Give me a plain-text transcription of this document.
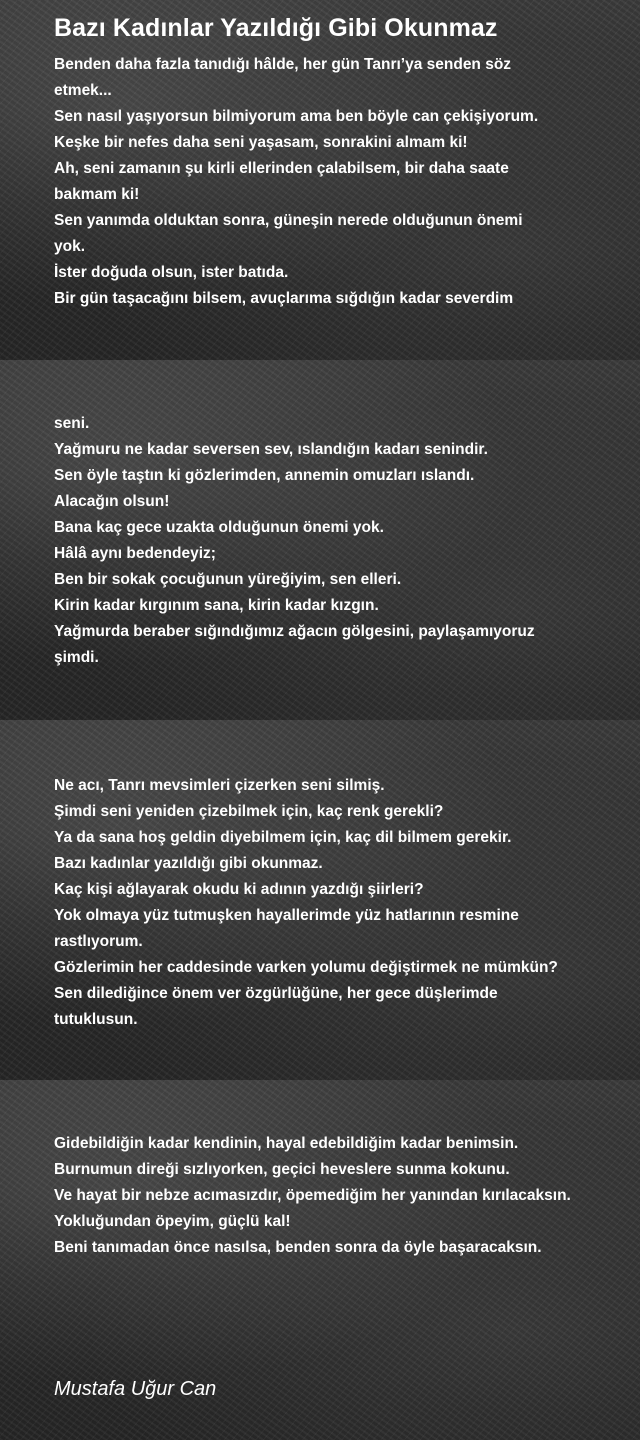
Bazı Kadınlar Yazıldığı Gibi Okunmaz
Benden daha fazla tanıdığı hâlde, her gün Tanrı’ya senden söz
etmek...
Sen nasıl yaşıyorsun bilmiyorum ama ben böyle can çekişiyorum.
Keşke bir nefes daha seni yaşasam, sonrakini almam ki!
Ah, seni zamanın şu kirli ellerinden çalabilsem, bir daha saate
bakmam ki!
Sen yanımda olduktan sonra, güneşin nerede olduğunun önemi
yok.
İster doğuda olsun, ister batıda.
Bir gün taşacağını bilsem, avuçlarıma sığdığın kadar severdim
seni.
Yağmuru ne kadar seversen sev, ıslandığın kadarı senindir.
Sen öyle taştın ki gözlerimden, annemin omuzları ıslandı.
Alacağın olsun!
Bana kaç gece uzakta olduğunun önemi yok.
Hâlâ aynı bedendeyiz;
Ben bir sokak çocuğunun yüreğiyim, sen elleri.
Kirin kadar kırgınım sana, kirin kadar kızgın.
Yağmurda beraber sığındığımız ağacın gölgesini, paylaşamıyoruz
şimdi.
Ne acı, Tanrı mevsimleri çizerken seni silmiş.
Şimdi seni yeniden çizebilmek için, kaç renk gerekli?
Ya da sana hoş geldin diyebilmem için, kaç dil bilmem gerekir.
Bazı kadınlar yazıldığı gibi okunmaz.
Kaç kişi ağlayarak okudu ki adının yazdığı şiirleri?
Yok olmaya yüz tutmuşken hayallerimde yüz hatlarının resmine
rastlıyorum.
Gözlerimin her caddesinde varken yolumu değiştirmek ne mümkün?
Sen dilediğince önem ver özgürlüğüne, her gece düşlerimde
tutuklusun.
Gidebildiğin kadar kendinin, hayal edebildiğim kadar benimsin.
Burnumun direği sızlıyorken, geçici heveslere sunma kokunu.
Ve hayat bir nebze acımasızdır, öpemediğim her yanından kırılacaksın.
Yokluğundan öpeyim, güçlü kal!
Beni tanımadan önce nasılsa, benden sonra da öyle başaracaksın.

Mustafa Uğur Can
